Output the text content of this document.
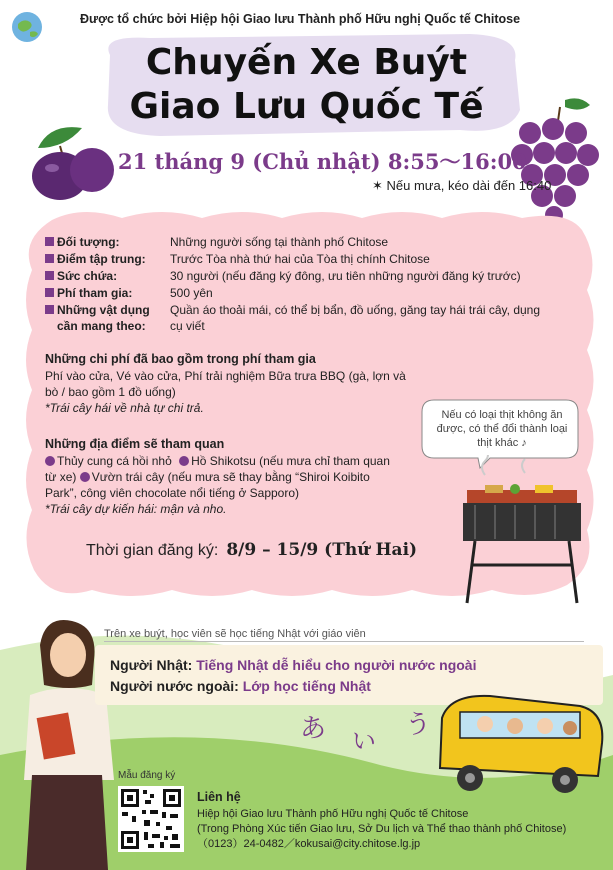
Được tổ chức bởi Hiệp hội Giao lưu Thành phố Hữu nghị Quốc tế Chitose
Chuyến Xe Buýt
Giao Lưu Quốc Tế
21 tháng 9 (Chủ nhật) 8:55〜16:00
✶ Nếu mưa, kéo dài đến 16:40
Đối tượng:	Những người sống tại thành phố Chitose
Điểm tập trung: Trước Tòa nhà thứ hai của Tòa thị chính Chitose
Sức chứa:	30 người (nếu đăng ký đông, ưu tiên những người đăng ký trước)
Phí tham gia:	500 yên
Những vật dụng
cần mang theo:
Quần áo thoải mái, có thể bị bẩn, đồ uống, găng tay hái trái cây, dụng
cụ viết
Những chi phí đã bao gồm trong phí tham gia
Phí vào cửa, Vé vào cửa, Phí trải nghiệm Bữa trưa BBQ (gà, lợn và
bò / bao gồm 1 đồ uống)
*Trái cây hái về nhà tự chi trả.
Những địa điểm sẽ tham quan
Thủy cung cá hồi nhỏ Hồ Shikotsu (nếu mưa chỉ tham quan
từ xe) Vườn trái cây (nếu mưa sẽ thay bằng “Shiroi Koibito
Park”, công viên chocolate nổi tiếng ở Sapporo)
*Trái cây dự kiến hái: mận và nho.
Nếu có loại thịt không ăn
được, có thể đổi thành loại
thịt khác ♪
Thời gian đăng ký: 8/9 – 15/9 (Thứ Hai)
Trên xe buýt, học viên sẽ học tiếng Nhật với giáo viên
Người Nhật: Tiếng Nhật dễ hiểu cho người nước ngoài
Người nước ngoài: Lớp học tiếng Nhật
あ い
う
Mẫu đăng ký
Liên hệ
Hiệp hội Giao lưu Thành phố Hữu nghị Quốc tế Chitose
(Trong Phòng Xúc tiến Giao lưu, Sở Du lịch và Thể thao thành phố Chitose)
（0123）24-0482／kokusai@city.chitose.lg.jp
